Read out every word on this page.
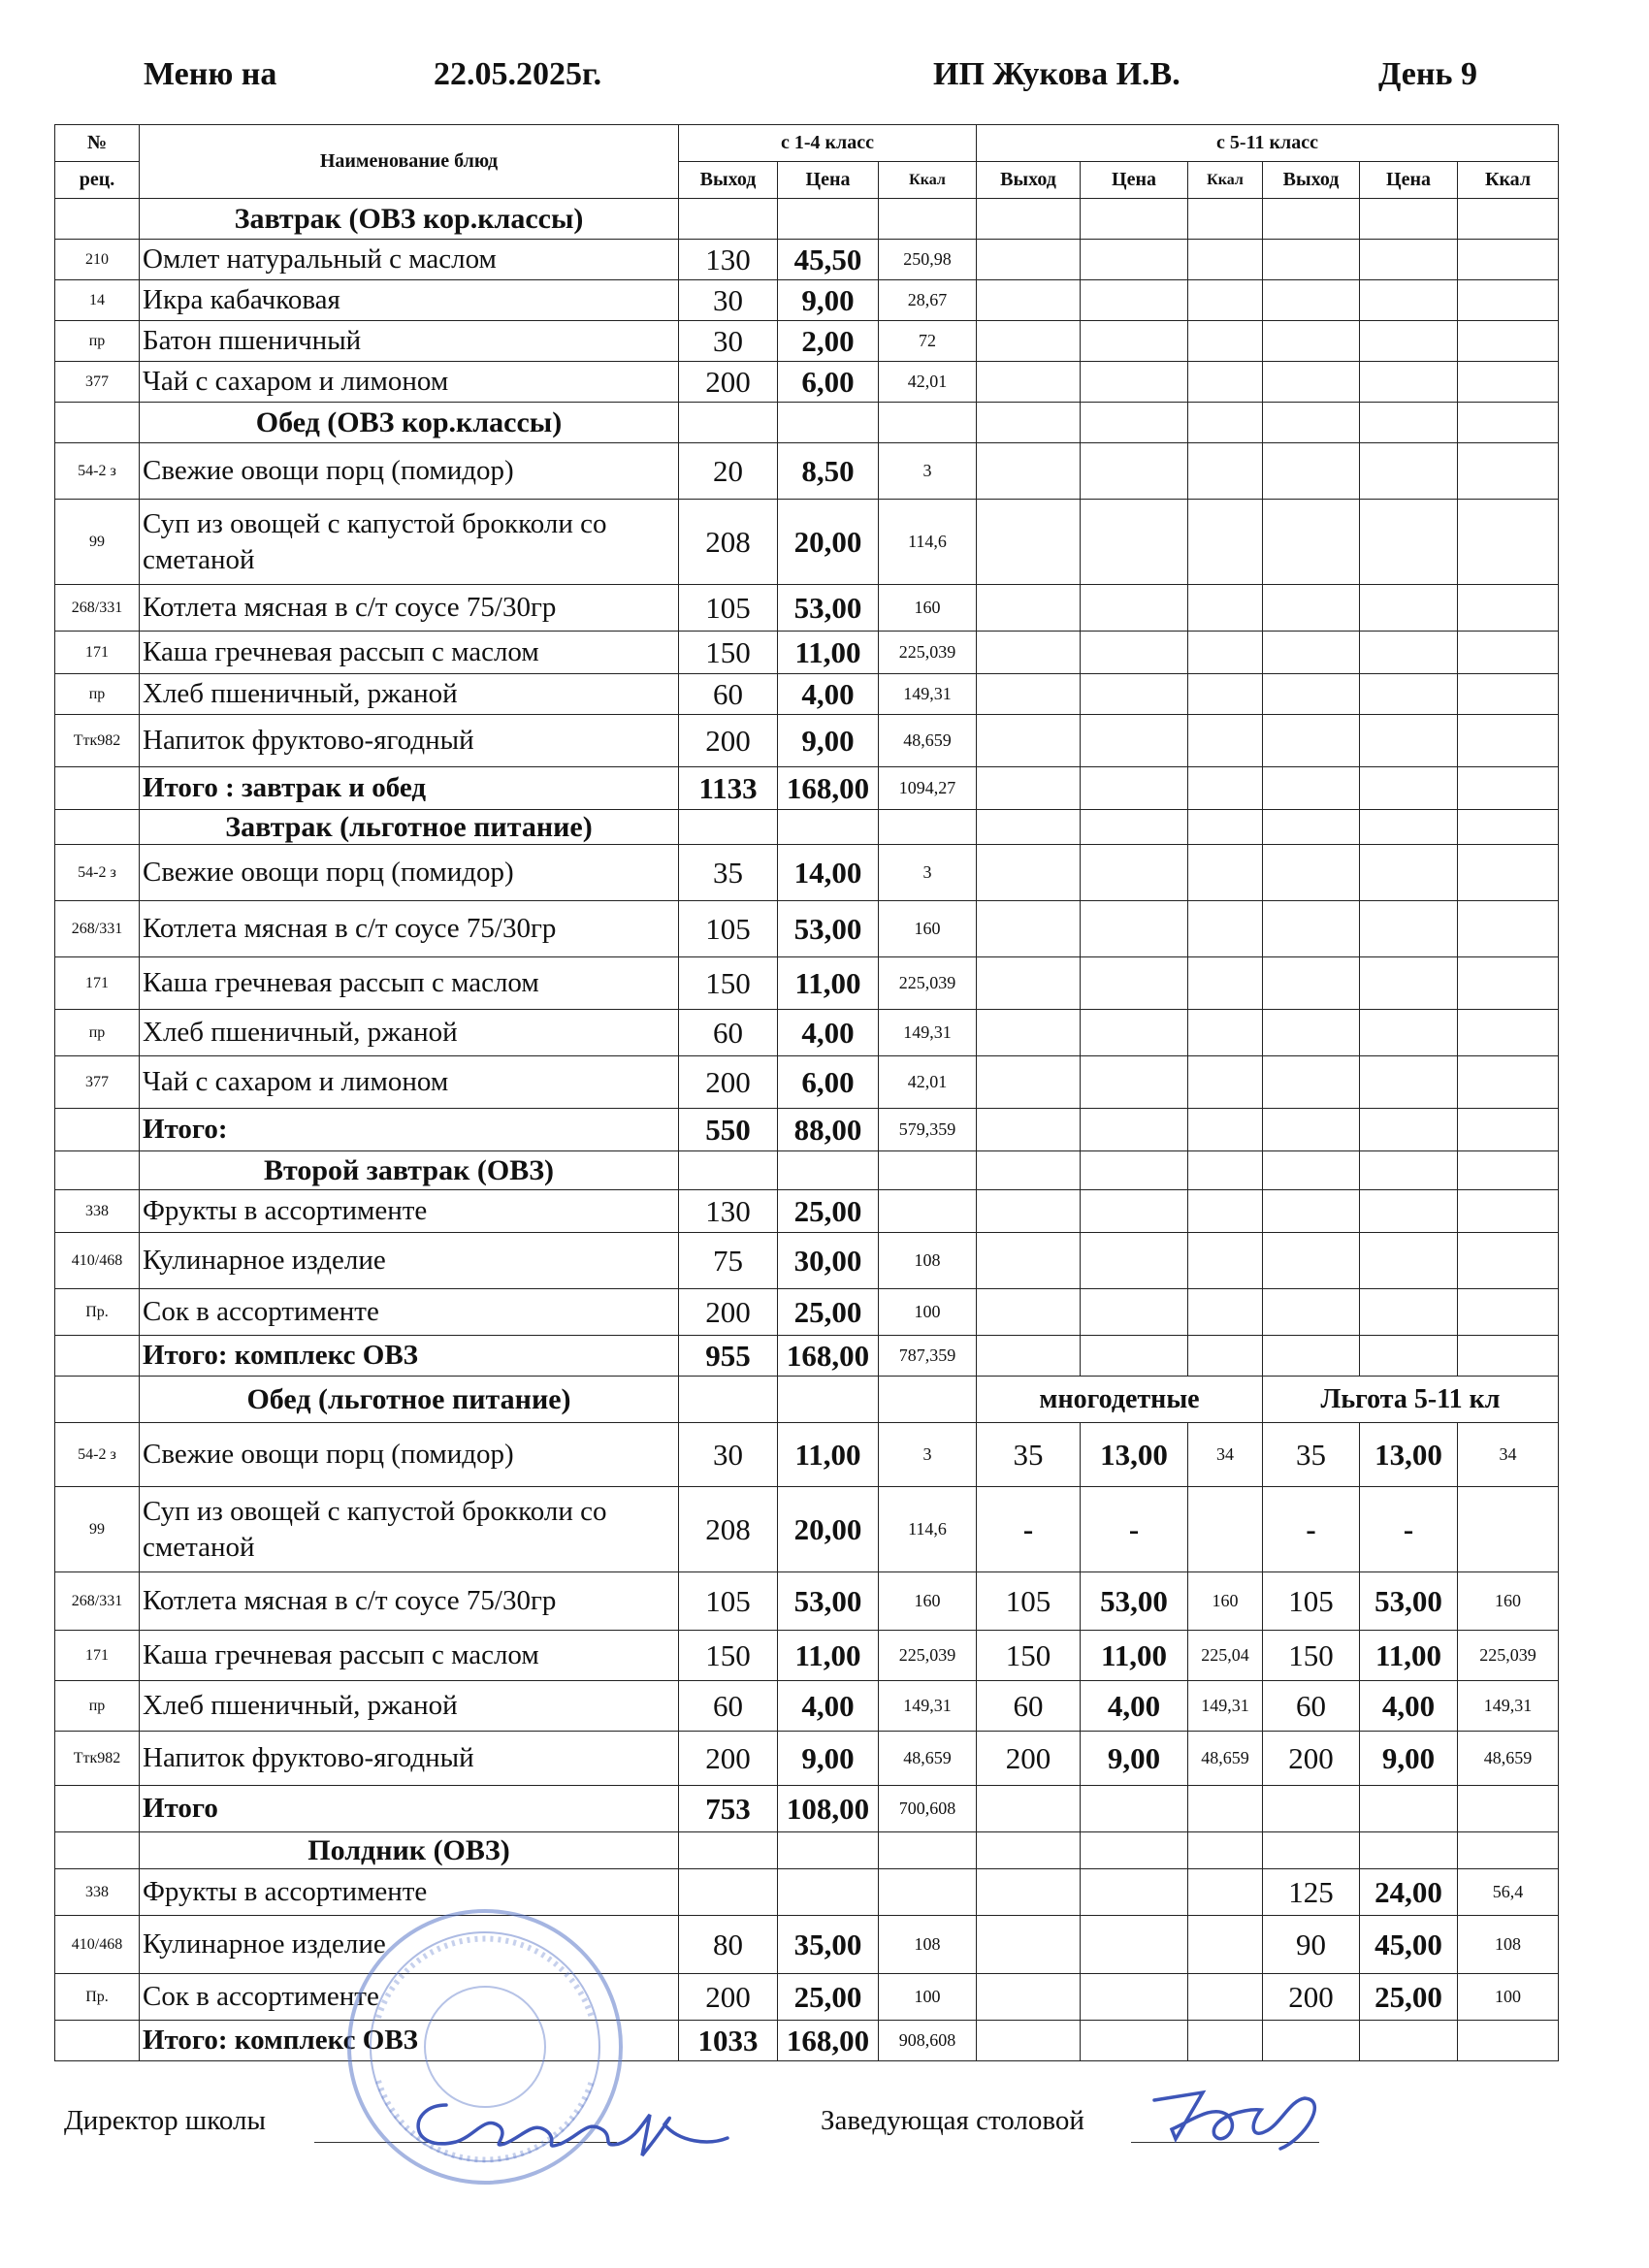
Меню на	22.05.2025г.	ИП Жукова И.В.	День 9
№	Наименование блюд	с 1-4 класс			с 5-11 класс					
рец.		Выход	Цена	Ккал	Выход	Цена	Ккал	Выход	Цена	Ккал
	Завтрак (ОВЗ кор.классы)									
210	Омлет натуральный с маслом	130	45,50	250,98						
14	Икра кабачковая	30	9,00	28,67						
пр	Батон пшеничный	30	2,00	72						
377	Чай с сахаром и лимоном	200	6,00	42,01						
	Обед (ОВЗ кор.классы)									
54-2 з	Свежие овощи порц (помидор)	20	8,50	3						
99	Суп из овощей с капустой брокколи со сметаной	208	20,00	114,6						
268/331	Котлета мясная в с/т соусе 75/30гр	105	53,00	160						
171	Каша гречневая рассып с маслом	150	11,00	225,039						
пр	Хлеб пшеничный, ржаной	60	4,00	149,31						
Ттк982	Напиток фруктово-ягодный	200	9,00	48,659						
	Итого : завтрак и обед	1133	168,00	1094,27						
	Завтрак (льготное питание)									
54-2 з	Свежие овощи порц (помидор)	35	14,00	3						
268/331	Котлета мясная в с/т соусе 75/30гр	105	53,00	160						
171	Каша гречневая рассып с маслом	150	11,00	225,039						
пр	Хлеб пшеничный, ржаной	60	4,00	149,31						
377	Чай с сахаром и лимоном	200	6,00	42,01						
	Итого:	550	88,00	579,359						
	Второй завтрак (ОВЗ)									
338	Фрукты в ассортименте	130	25,00							
410/468	Кулинарное изделие	75	30,00	108						
Пр.	Сок в ассортименте	200	25,00	100						
	Итого: комплекс ОВЗ	955	168,00	787,359						
	Обед (льготное питание)				многодетные			Льгота 5-11 кл		
54-2 з	Свежие овощи порц (помидор)	30	11,00	3	35	13,00	34	35	13,00	34
99	Суп из овощей с капустой брокколи со сметаной	208	20,00	114,6	-	-		-	-	
268/331	Котлета мясная в с/т соусе 75/30гр	105	53,00	160	105	53,00	160	105	53,00	160
171	Каша гречневая рассып с маслом	150	11,00	225,039	150	11,00	225,04	150	11,00	225,039
пр	Хлеб пшеничный, ржаной	60	4,00	149,31	60	4,00	149,31	60	4,00	149,31
Ттк982	Напиток фруктово-ягодный	200	9,00	48,659	200	9,00	48,659	200	9,00	48,659
	Итого	753	108,00	700,608						
	Полдник (ОВЗ)									
338	Фрукты в ассортименте							125	24,00	56,4
410/468	Кулинарное изделие	80	35,00	108				90	45,00	108
Пр.	Сок в ассортименте	200	25,00	100				200	25,00	100
	Итого: комплекс ОВЗ	1033	168,00	908,608						
Директор школы	Заведующая столовой
